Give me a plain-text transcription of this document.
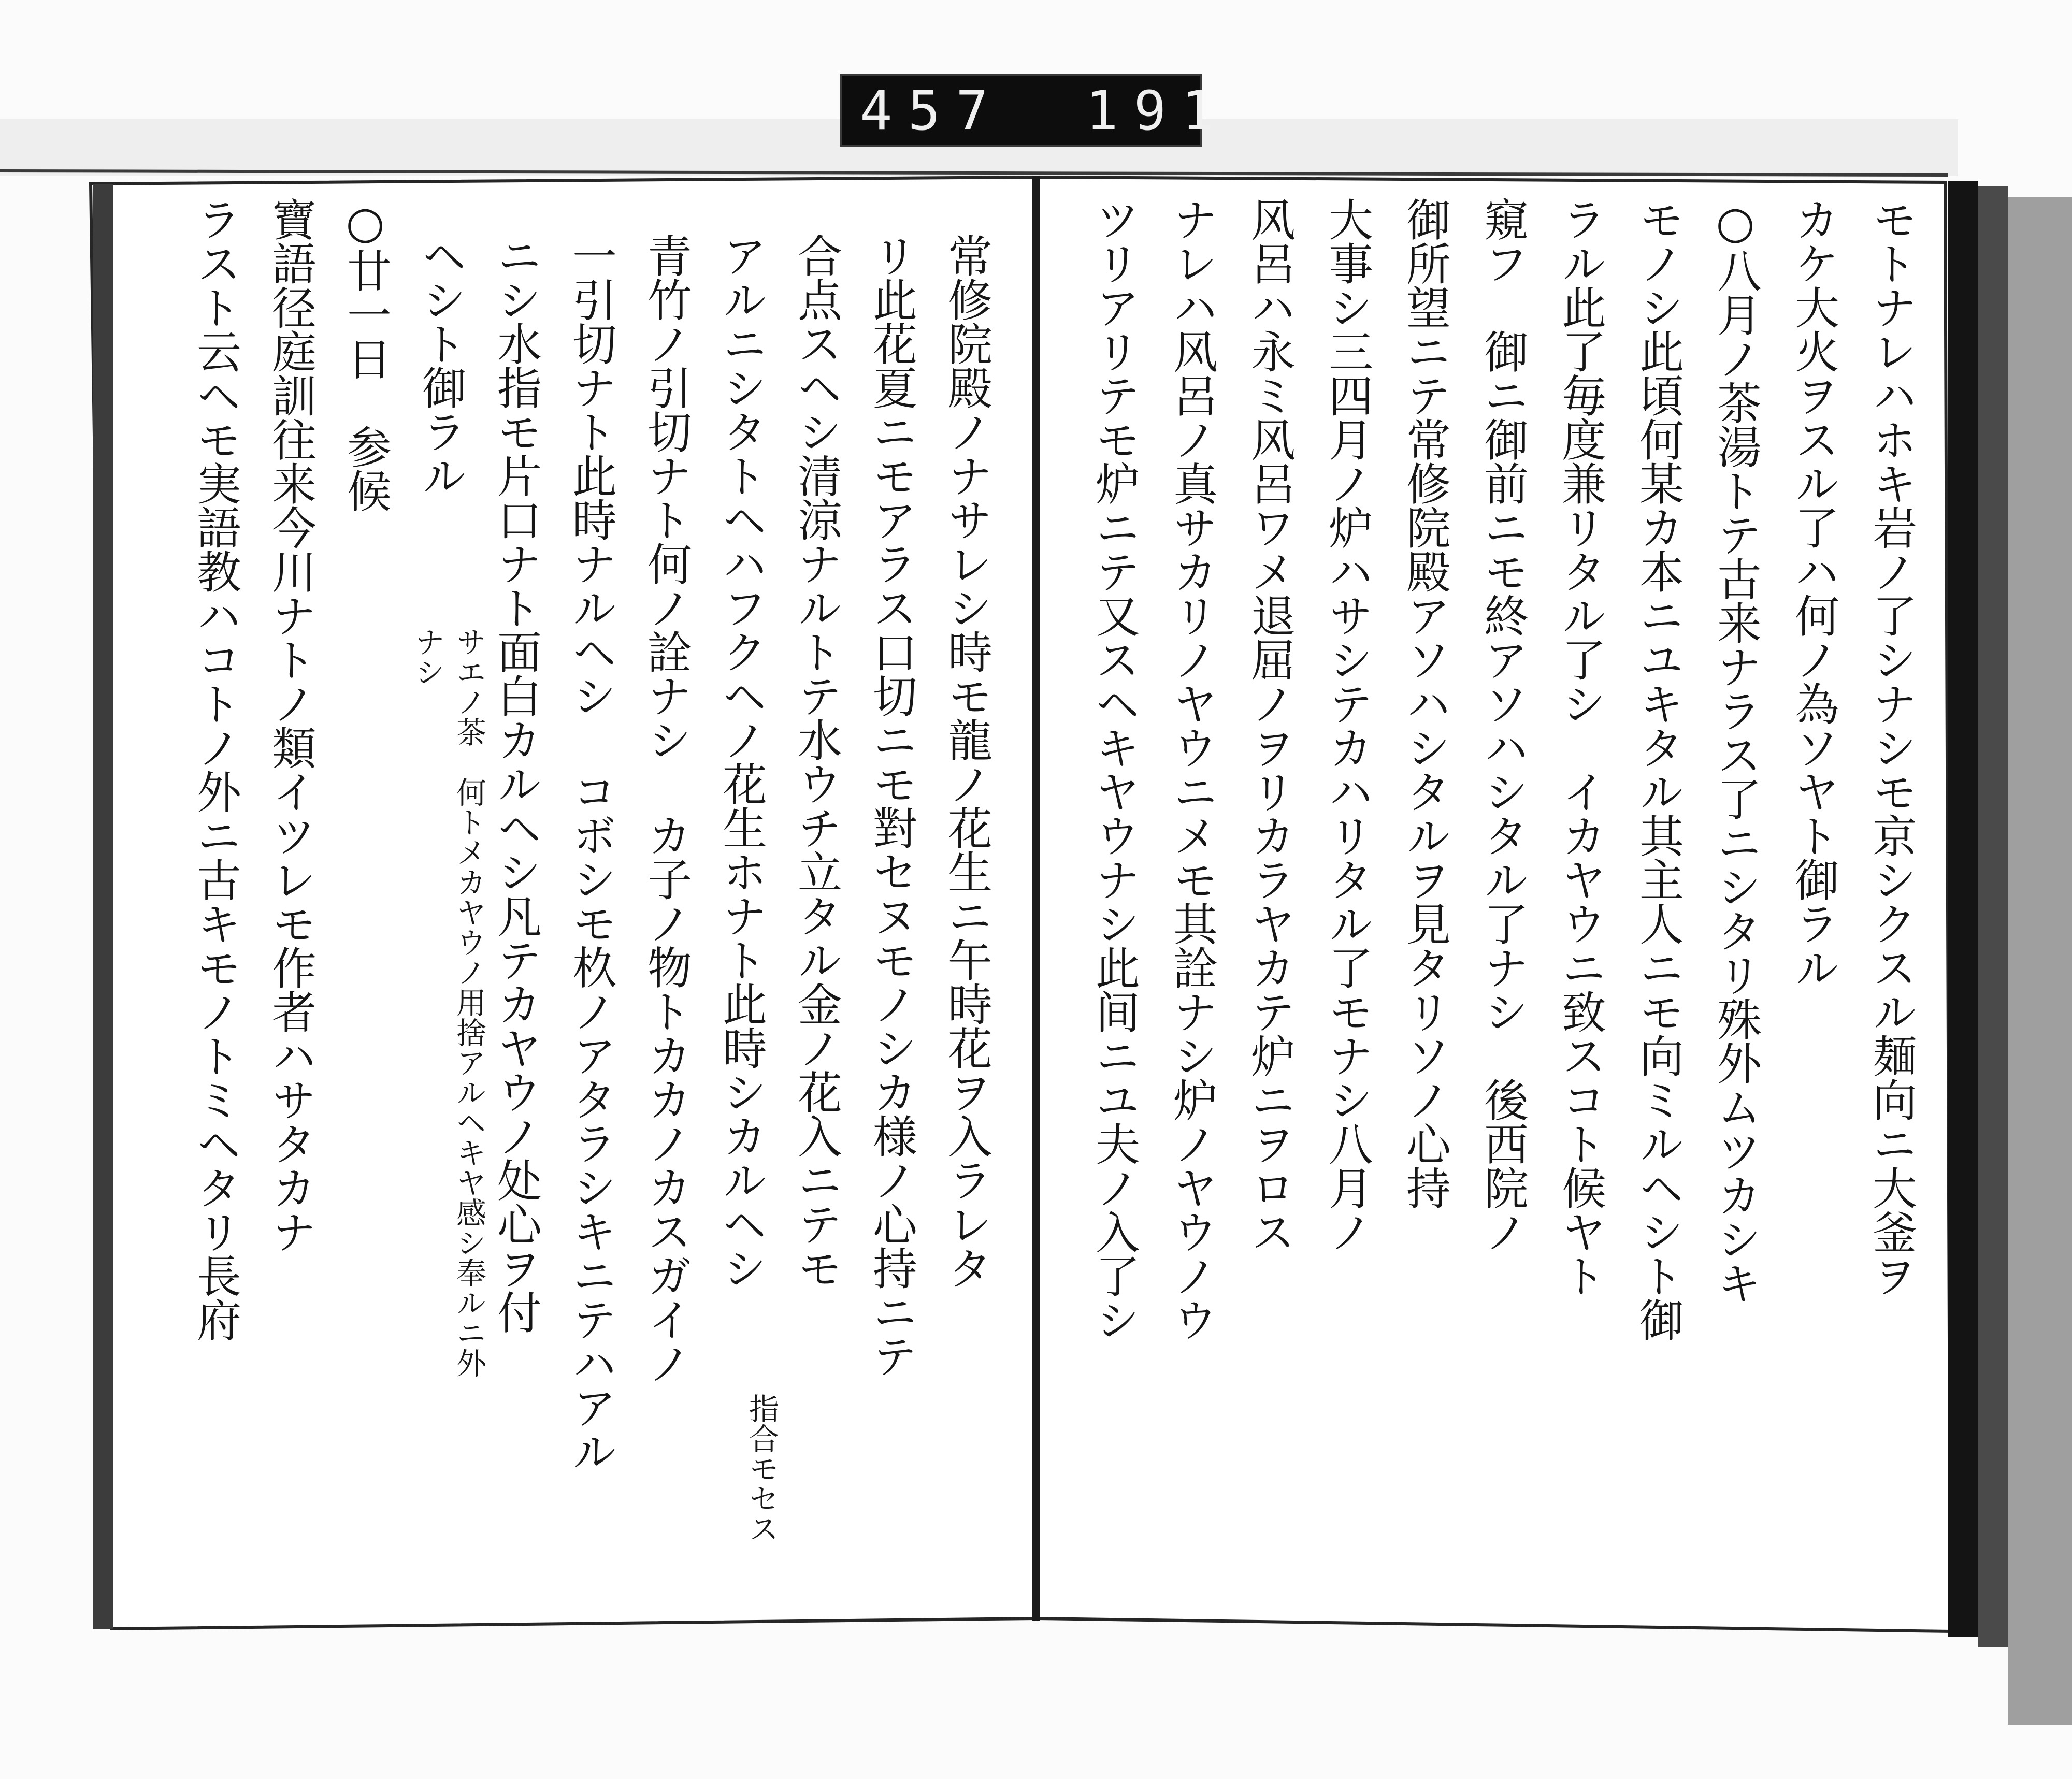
457 191
モトナレハホキ岩ノ了シナシモ京シクスル麺向ニ大釜ヲ
カケ大火ヲスル了ハ何ノ為ソヤト御ラル
○八月ノ茶湯トテ古来ナラス了ニシタリ殊外ムツカシキ
モノシ此頃何某カ本ニユキタル其主人ニモ向ミルヘシト御
ラル此了毎度兼リタル了シ　イカヤウニ致スコト候ヤト
窺フ　御ニ御前ニモ終アソハシタル了ナシ　後西院ノ
御所望ニテ常修院殿アソハシタルヲ見タリソノ心持
大事シ三四月ノ炉ハサシテカハリタル了モナシ八月ノ
风呂ハ永ミ风呂ワメ退屈ノヲリカラヤカテ炉ニヲロス
ナレハ风呂ノ真サカリノヤウニメモ其詮ナシ炉ノヤウノウ
ツリアリテモ炉ニテ又スヘキヤウナシ此间ニユ夫ノ入了シ
常修院殿ノナサレシ時モ龍ノ花生ニ午時花ヲ入ラレタ
リ此花夏ニモアラス口切ニモ對セヌモノシカ様ノ心持ニテ
合点スヘシ清涼ナルトテ水ウチ立タル金ノ花入ニテモ
アルニシタトヘハフクヘノ花生ホナト此時シカルヘシ
指合モセス
青竹ノ引切ナト何ノ詮ナシ カ子ノ物トカカノカスガイノ
一引切ナト此時ナルヘシ コボシモ杦ノアタラシキニテハアル
ニシ水指モ片口ナト面白カルヘシ凡テカヤウノ处心ヲ付
ヘシト御ラル
サエノ茶　何トメカヤウノ用捨アルヘキヤ感シ奉ルニ外ナシ
○廿一日　参候
寶語径庭訓往来今川ナトノ類イツレモ作者ハサタカナ
ラスト云ヘモ実語教ハコトノ外ニ古キモノトミヘタリ長府
